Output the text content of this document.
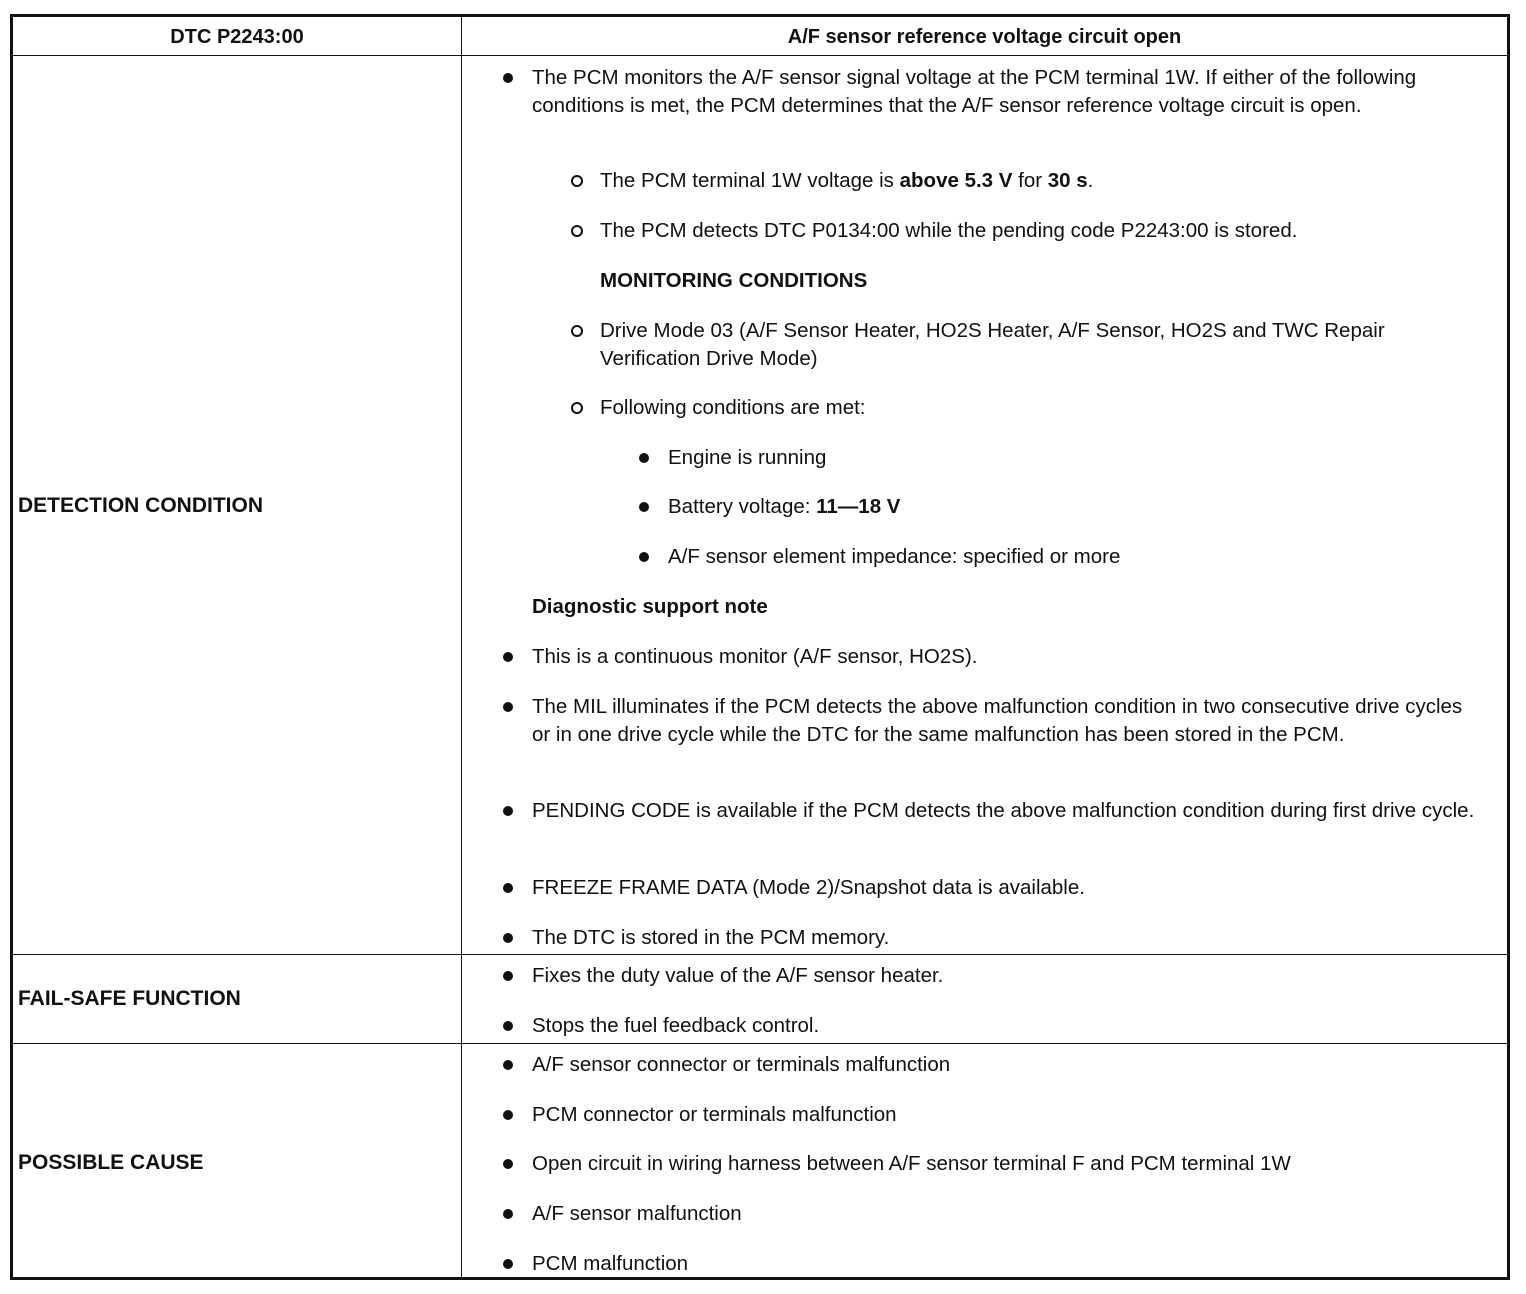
DTC P2243:00	A/F sensor reference voltage circuit open
DETECTION CONDITION
FAIL-SAFE FUNCTION
POSSIBLE CAUSE
The PCM monitors the A/F sensor signal voltage at the PCM terminal 1W. If either of the following conditions is met, the PCM determines that the A/F sensor reference voltage circuit is open.
The PCM terminal 1W voltage is above 5.3 V for 30 s.
The PCM detects DTC P0134:00 while the pending code P2243:00 is stored.
MONITORING CONDITIONS
Drive Mode 03 (A/F Sensor Heater, HO2S Heater, A/F Sensor, HO2S and TWC Repair Verification Drive Mode)
Following conditions are met:
Engine is running
Battery voltage: 11—18 V
A/F sensor element impedance: specified or more
Diagnostic support note
This is a continuous monitor (A/F sensor, HO2S).
The MIL illuminates if the PCM detects the above malfunction condition in two consecutive drive cycles or in one drive cycle while the DTC for the same malfunction has been stored in the PCM.
PENDING CODE is available if the PCM detects the above malfunction condition during first drive cycle.
FREEZE FRAME DATA (Mode 2)/Snapshot data is available.
The DTC is stored in the PCM memory.
Fixes the duty value of the A/F sensor heater.
Stops the fuel feedback control.
A/F sensor connector or terminals malfunction
PCM connector or terminals malfunction
Open circuit in wiring harness between A/F sensor terminal F and PCM terminal 1W
A/F sensor malfunction
PCM malfunction
